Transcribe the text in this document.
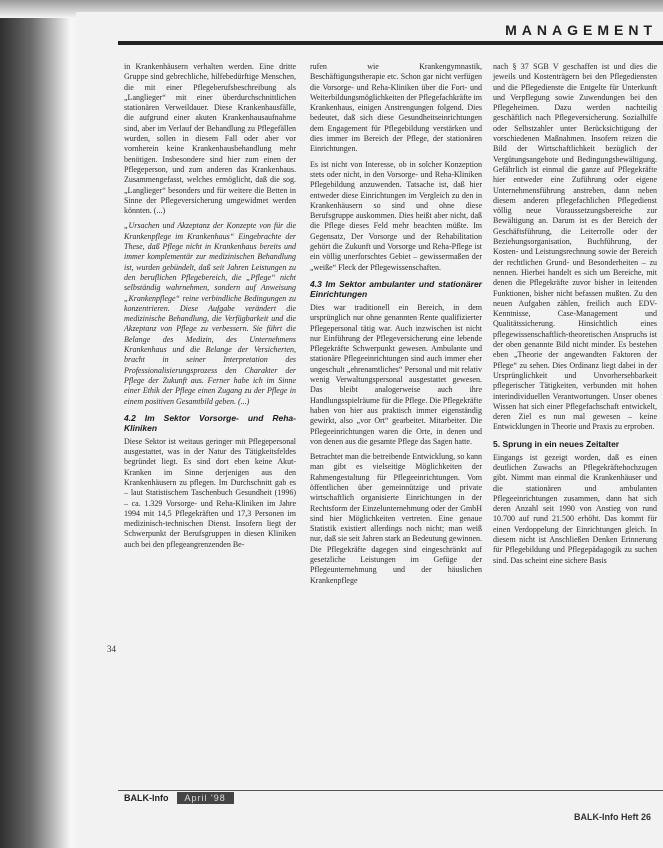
MANAGEMENT

in Krankenhäusern verhalten werden. Eine dritte Gruppe sind gebrechliche, hilfebedürftige Menschen, die mit einer Pflegeberufsbeschreibung als „Langlieger“ mit einer überdurchschnittlichen stationären Verweildauer. Diese Krankenhausfälle, die aufgrund einer akuten Krankenhausaufnahme sind, aber im Verlauf der Behandlung zu Pflegefällen wurden, sollen in diesem Fall oder aber vor vornherein keine Krankenhausbehandlung mehr benötigen. Insbesondere sind hier zum einen der Pflegeperson, und zum anderen das Krankenhaus. Zusammengefasst, welches ermöglicht, daß die sog. „Langlieger“ besonders und für weitere die Betten in Sinne der Pflegeversicherung umgewidmet werden könnten. (...)

„Ursachen und Akzeptanz der Konzepte von für die Krankenpflege im Krankenhaus“ Eingebrachte der These, daß Pflege nicht in Krankenhaus bereits und immer komplementär zur medizinischen Behandlung ist, wurden gebündelt, daß seit Jahren Leistungen zu den beruflichen Pflegebereich, die „Pflege“ nicht selbständig wahrnehmen, sondern auf Anweisung „Krankenpflege“ reine verbindliche Bedingungen zu konzentrieren. Diese Aufgabe verändert die medizinische Behandlung, die Verfügbarkeit und die Akzeptanz von Pflege zu verbessern. Sie führt die Belange des Medizin, des Unternehmens Krankenhaus und die Belange der Versicherten, bracht in seiner Interpretation des Professionalisierungsprozess den Charakter der Pflege der Zukunft aus. Ferner habe ich im Sinne einer Ethik der Pflege einen Zugang zu der Pflege in einem positiven Gesamtbild geben. (...)

4.2 Im Sektor Vorsorge- und Reha-Kliniken

Diese Sektor ist weitaus geringer mit Pflegepersonal ausgestattet, was in der Natur des Tätigkeitsfeldes begründet liegt. Es sind dort eben keine Akut-Kranken im Sinne derjenigen aus den Krankenhäusern zu pflegen. Im Durchschnitt gab es – laut Statistischem Taschenbuch Gesundheit (1996) – ca. 1.329 Vorsorge- und Reha-Kliniken im Jahre 1994 mit 14,5 Pflegekräften und 17,3 Personen im medizinisch-technischen Dienst. Insofern liegt der Schwerpunkt der Berufsgruppen in diesen Kliniken auch bei den pflegeangrenzenden Be-

rufen wie Krankengymnastik, Beschäftigungstherapie etc. Schon gar nicht verfügen die Vorsorge- und Reha-Kliniken über die Fort- und Weiterbildungsmöglichkeiten der Pflegefachkräfte im Krankenhaus, einigen Anstrengungen folgend. Dies bedeutet, daß sich diese Gesundheitseinrichtungen dem Engagement für Pflegebildung verstärken und dies immer im Bereich der Pflege, der stationären Einrichtungen.

Es ist nicht von Interesse, ob in solcher Konzeption stets oder nicht, in den Vorsorge- und Reha-Kliniken Pflegebildung anzuwenden. Tatsache ist, daß hier entweder diese Einrichtungen im Vergleich zu den in Krankenhäusern so sind und ohne diese Berufsgruppe auskommen. Dies heißt aber nicht, daß die Pflege dieses Feld mehr beachten müßte. Im Gegensatz, Der Vorsorge und der Rehabilitation gehört die Zukunft und Vorsorge und Reha-Pflege ist ein völlig unerforschtes Gebiet – gewissermaßen der „weiße“ Fleck der Pflegewissenschaften.

4.3 Im Sektor ambulanter und stationärer Einrichtungen

Dies war traditionell ein Bereich, in dem ursprünglich nur ohne genannten Rente qualifizierter Pflegepersonal tätig war. Auch inzwischen ist nicht nur Einführung der Pflegeversicherung eine lebende Pflegekräfte Schwerpunkt gewesen. Ambulante und stationäre Pflegeeinrichtungen sind auch immer eher ungeschult „ehrenamtliches“ Personal und mit relativ wenig Verwaltungspersonal ausgestattet gewesen. Das bleibt analogerweise auch ihre Handlungsspielräume für die Pflege. Die Pflegekräfte haben von hier aus praktisch immer eigenständig gewirkt, also „vor Ort“ gearbeitet. Mitarbeiter. Die Pflegeeinrichtungen waren die Orte, in denen und von denen aus die gesamte Pflege das Sagen hatte.

Betrachtet man die betreibende Entwicklung, so kann man gibt es vielseitige Möglichkeiten der Rahmengestaltung für Pflegeeinrichtungen. Vom öffentlichen über gemeinnützige und private wirtschaftlich organisierte Einrichtungen in der Rechtsform der Einzelunternehmung oder der GmbH sind hier Möglichkeiten vertreten. Eine genaue Statistik existiert allerdings noch nicht; man weiß nur, daß sie seit Jahren stark an Bedeutung gewinnen. Die Pflegekräfte dagegen sind eingeschränkt auf gesetzliche Leistungen im Gefüge der Pflegeunternehmung und der häuslichen Krankenpflege

nach § 37 SGB V geschaffen ist und dies die jeweils und Kostenträgern bei den Pflegediensten und die Pflegedienste die Entgelte für Unterkunft und Verpflegung sowie Zuwendungen bei den Pflegeheimen. Dazu werden nachteilig geschäftlich nach Pflegeversicherung. Sozialhilfe oder Selbstzahler unter Berücksichtigung der vorschiedenen Maßnahmen. Insofern reizen die Bild der Wirtschaftlichkeit bezüglich der Vergütungsangebote und Bedingungsbewältigung. Gefährlich ist einmal die ganze auf Pflegekräfte hier entweder eine Zuführung oder eigene Unternehmensführung anstreben, dann neben diesem anderen pflegefachlichen Pflegedienst völlig neue Voraussetzungsbereiche zur Bewältigung an. Darum ist es der Bereich der Geschäftsführung, die Leiterrolle oder der Beziehungsorganisation, Buchführung, der Kosten- und Leistungsrechnung sowie der Bereich der rechtlichen Grund- und Besonderheiten – zu nennen. Hierbei handelt es sich um Bereiche, mit denen die Pflegekräfte zuvor bisher in leitenden Funktionen, bisher nicht befassen mußten. Zu den neuen Aufgaben zählen, freilich auch EDV-Kenntnisse, Case-Management und Qualitätssicherung. Hinsichtlich eines pflegewissenschaftlich-theoretischen Anspruchs ist der oben genannte Bild nicht minder. Es bestehen eben „Theorie der angewandten Faktoren der Pflege“ zu sehen. Dies Ordinanz liegt dabei in der Ursprünglichkeit und Unvorhersehbarkeit pflegerischer Tätigkeiten, verbunden mit hohen interindividuellen Verantwortungen. Unser obenes Wissen hat sich einer Pflegefachschaft entwickelt, deren Ziel es nun mal gewesen – keine Entwicklungen in Theorie und Praxis zu erproben.

5. Sprung in ein neues Zeitalter

Eingangs ist gezeigt worden, daß es einen deutlichen Zuwachs an Pflegekräftehochzugen gibt. Nimmt man einmal die Krankenhäuser und die stationären und ambulanten Pflegeeinrichtungen zusammen, dann hat sich deren Anzahl seit 1990 von Anstieg von rund 10.700 auf rund 21.500 erhöht. Das kommt für einen Verdoppelung der Einrichtungen gleich. In diesem nicht ist Anschließen Denken Erinnerung für Pflegebildung und Pflegepädagogik zu suchen sind. Das scheint eine sichere Basis

34
BALK-Info April '98
BALK-Info Heft 26
